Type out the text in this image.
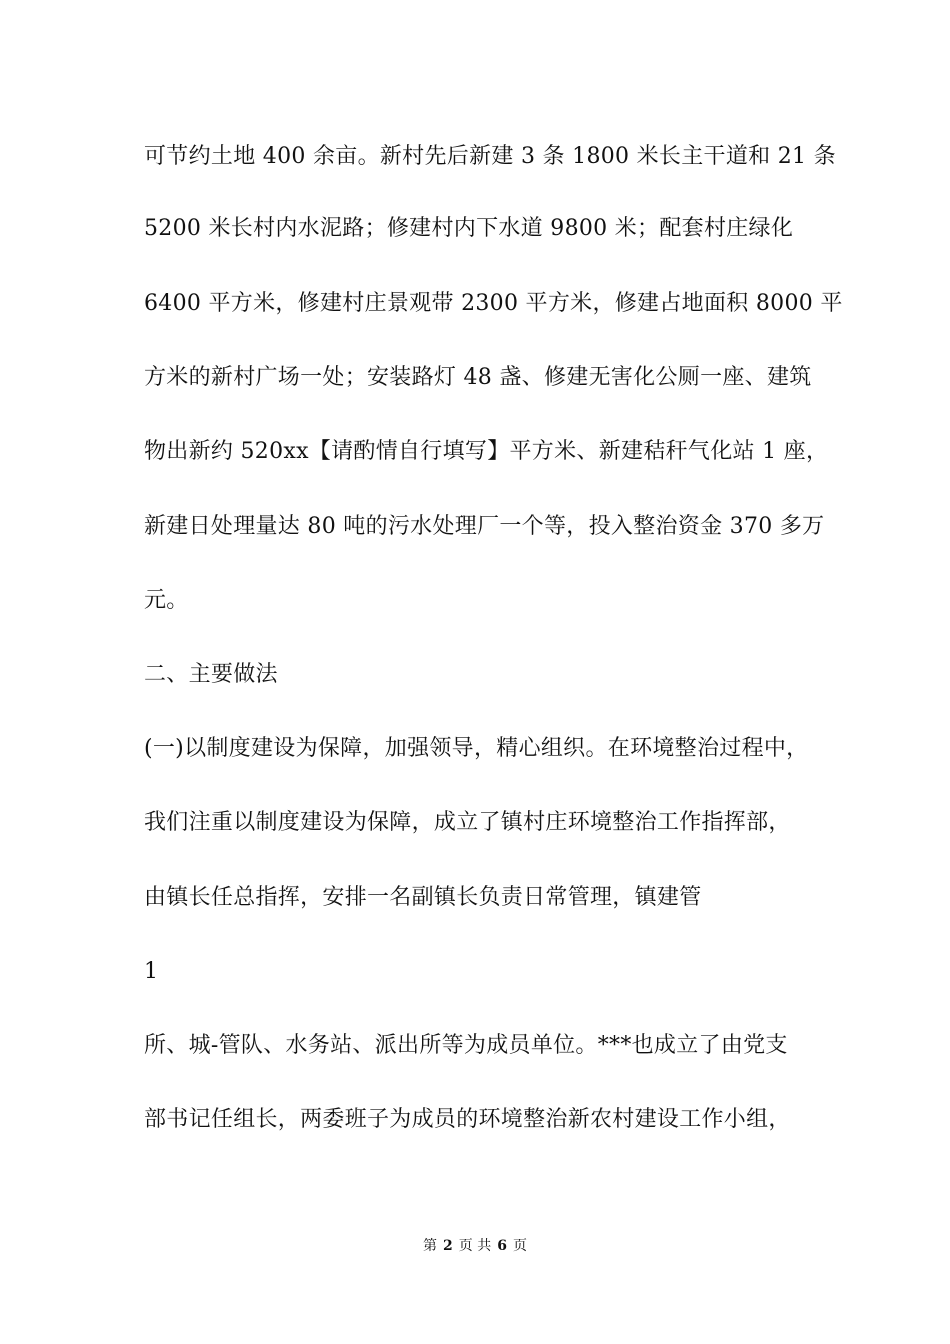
可节约土地 400 余亩。新村先后新建 3 条 1800 米长主干道和 21 条
5200 米长村内水泥路；修建村内下水道 9800 米；配套村庄绿化
6400 平方米，修建村庄景观带 2300 平方米，修建占地面积 8000 平
方米的新村广场一处；安装路灯 48 盏、修建无害化公厕一座、建筑
物出新约 520xx【请酌情自行填写】平方米、新建秸秆气化站 1 座，
新建日处理量达 80 吨的污水处理厂一个等，投入整治资金 370 多万
元。
二、主要做法
(一)以制度建设为保障，加强领导，精心组织。在环境整治过程中，
我们注重以制度建设为保障，成立了镇村庄环境整治工作指挥部，
由镇长任总指挥，安排一名副镇长负责日常管理，镇建管
1
所、城-管队、水务站、派出所等为成员单位。***也成立了由党支
部书记任组长，两委班子为成员的环境整治新农村建设工作小组，
第 2 页 共 6 页
